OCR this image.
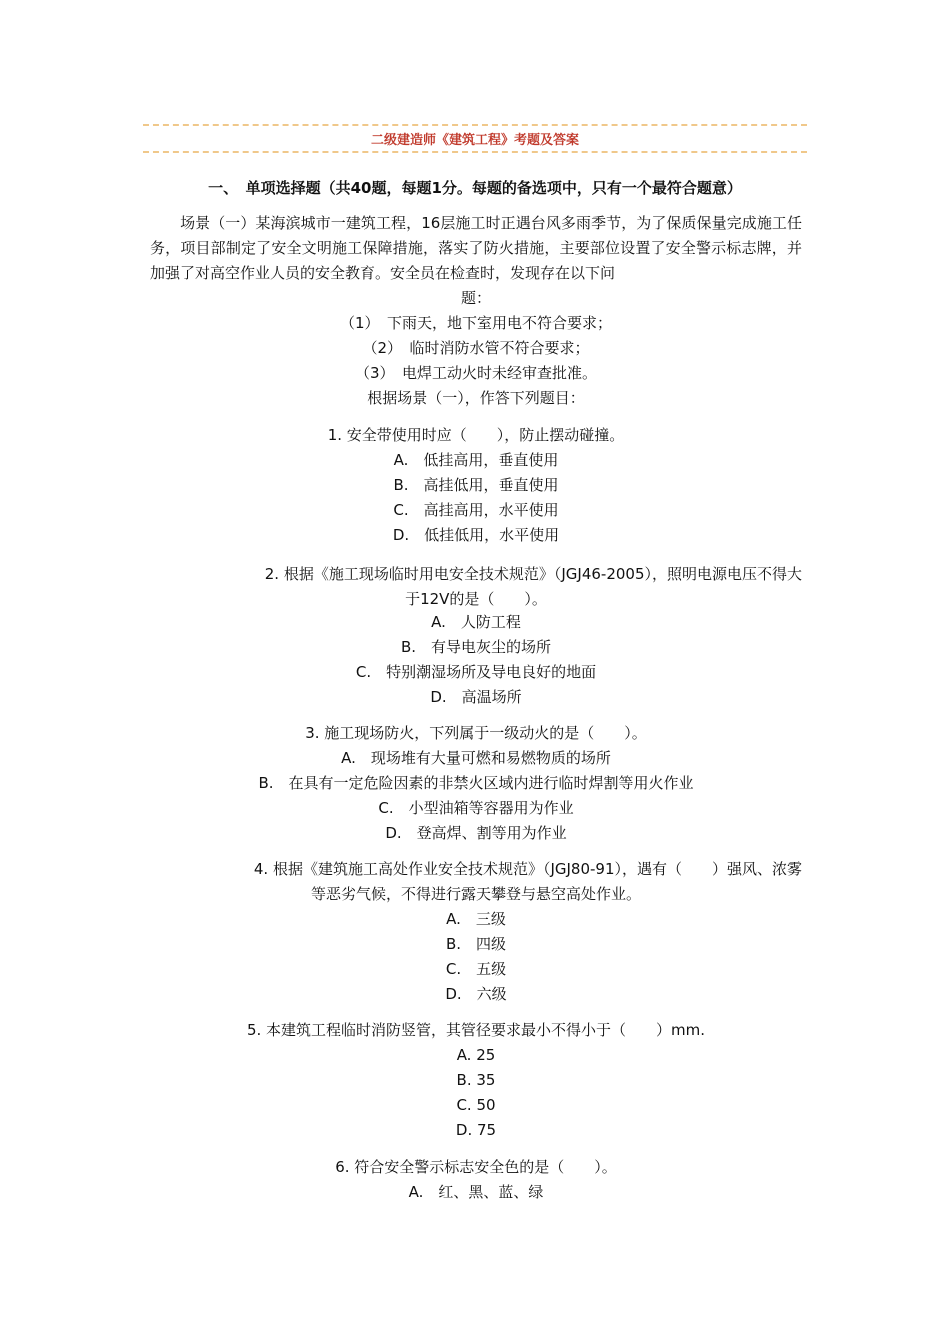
二级建造师《建筑工程》考题及答案
一、　单项选择题（共40题，每题1分。每题的备选项中，只有一个最符合题意）
场景（一）某海滨城市一建筑工程，16层施工时正遇台风多雨季节，为了保质保量完成施工任务，项目部制定了安全文明施工保障措施，落实了防火措施，主要部位设置了安全警示标志牌，并加强了对高空作业人员的安全教育。安全员在检查时，发现存在以下问
题：
（1）　下雨天，地下室用电不符合要求；
（2）　临时消防水管不符合要求；
（3）　电焊工动火时未经审查批准。
根据场景（一），作答下列题目：
1. 安全带使用时应（　　），防止摆动碰撞。
A.　低挂高用，垂直使用
B.　高挂低用，垂直使用
C.　高挂高用，水平使用
D.　低挂低用，水平使用
2. 根据《施工现场临时用电安全技术规范》（JGJ46-2005），照明电源电压不得大
于12V的是（　　）。
A.　人防工程
B.　有导电灰尘的场所
C.　特别潮湿场所及导电良好的地面
D.　高温场所
3. 施工现场防火，下列属于一级动火的是（　　）。
A.　现场堆有大量可燃和易燃物质的场所
B.　在具有一定危险因素的非禁火区域内进行临时焊割等用火作业
C.　小型油箱等容器用为作业
D.　登高焊、割等用为作业
4. 根据《建筑施工高处作业安全技术规范》（JGJ80-91），遇有（　　）强风、浓雾
等恶劣气候，不得进行露天攀登与悬空高处作业。
A.　三级
B.　四级
C.　五级
D.　六级
5. 本建筑工程临时消防竖管，其管径要求最小不得小于（　　）mm.
A. 25
B. 35
C. 50
D. 75
6. 符合安全警示标志安全色的是（　　）。
A.　红、黑、蓝、绿
